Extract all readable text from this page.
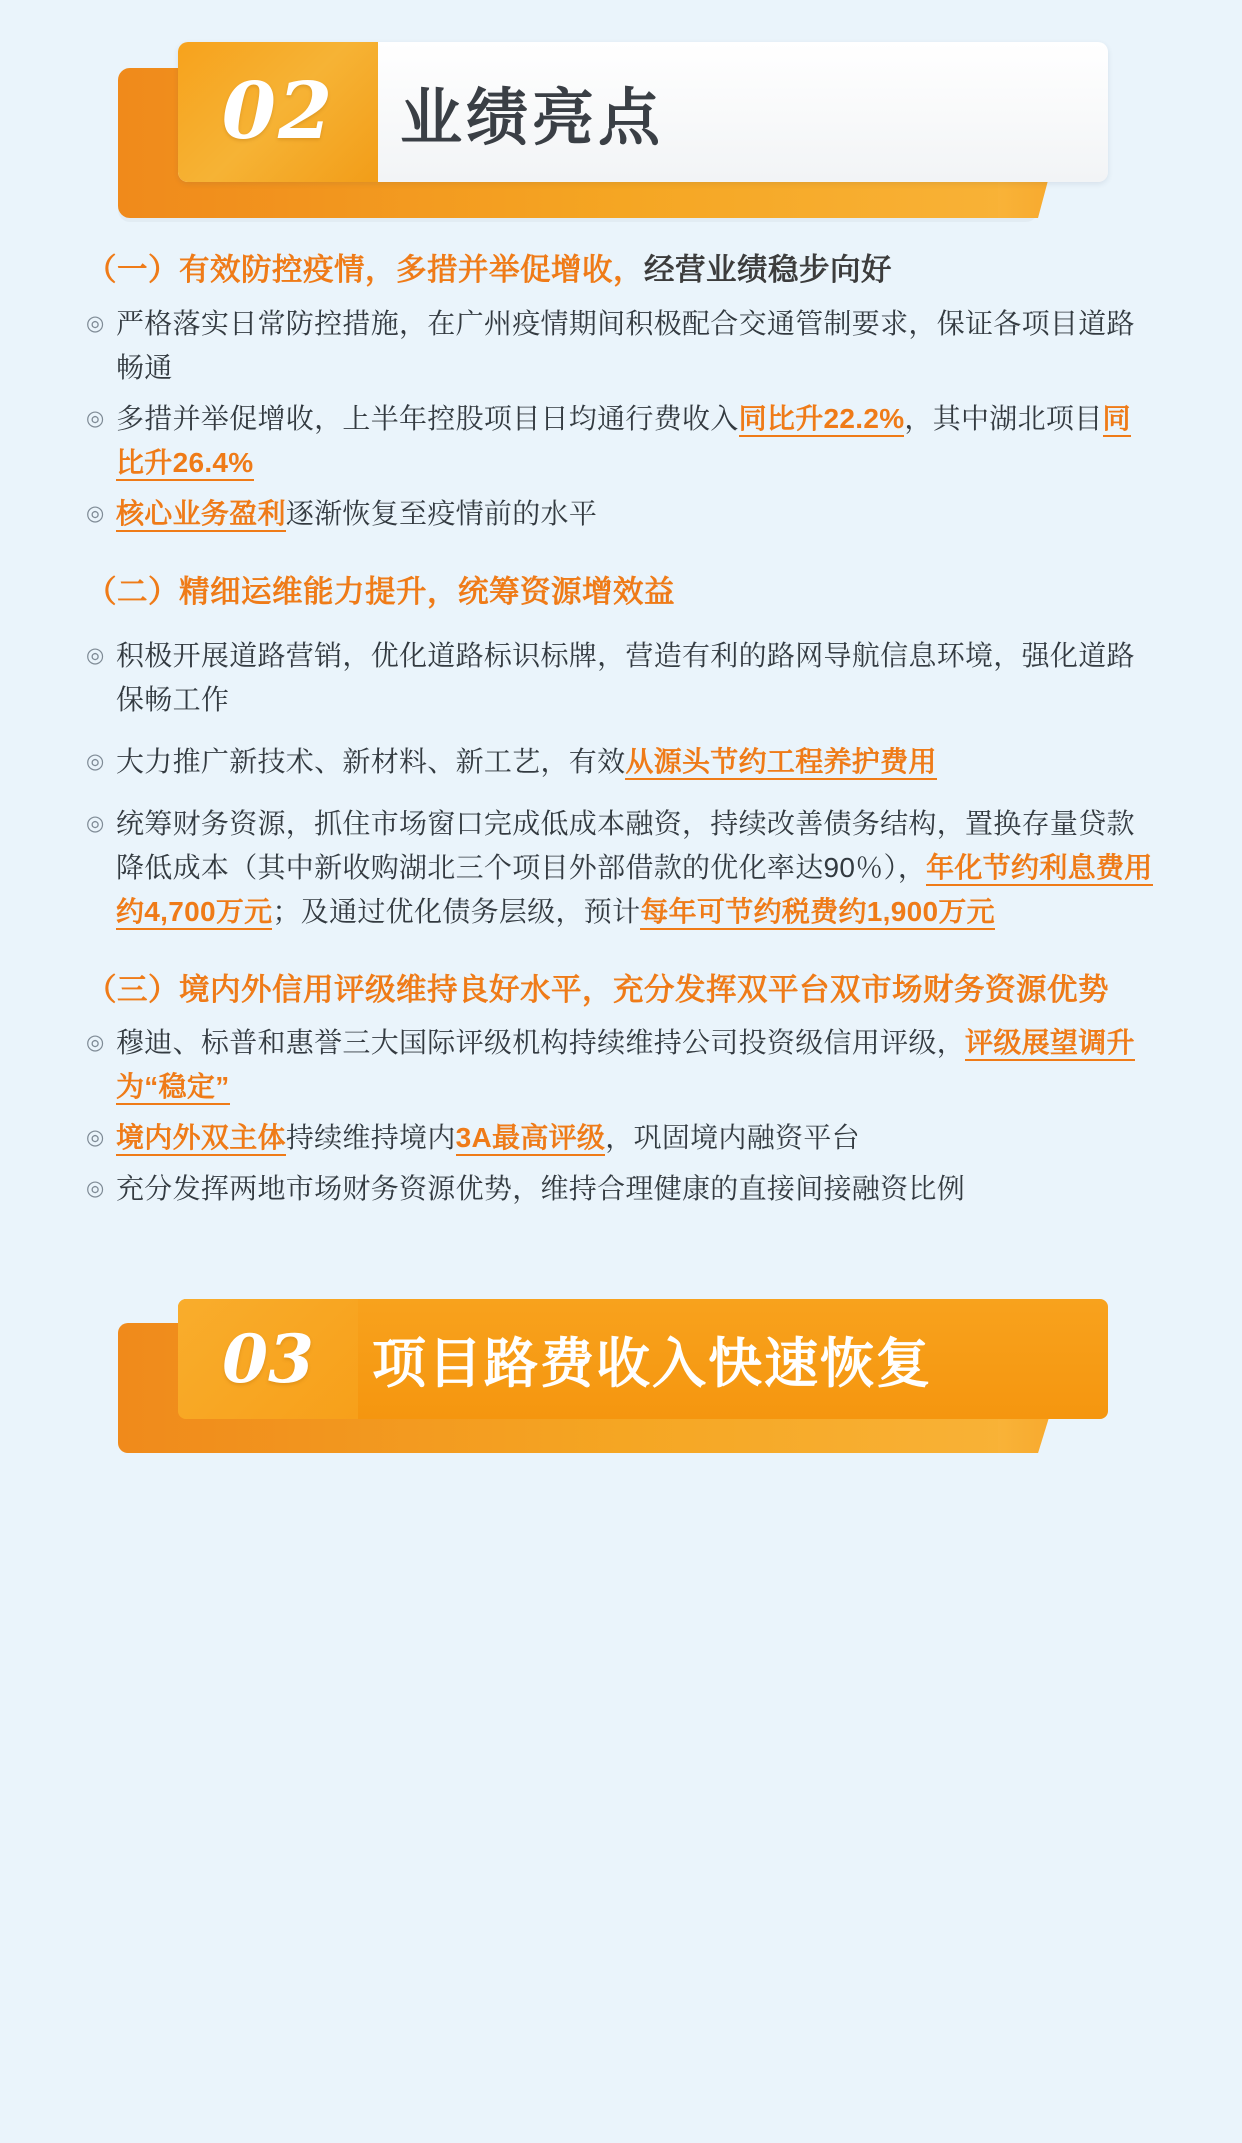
02 业绩亮点
（一）有效防控疫情，多措并举促增收，经营业绩稳步向好
◎ 严格落实日常防控措施，在广州疫情期间积极配合交通管制要求，保证各项目道路畅通
◎ 多措并举促增收，上半年控股项目日均通行费收入同比升22.2%，其中湖北项目同比升26.4%
◎ 核心业务盈利逐渐恢复至疫情前的水平
（二）精细运维能力提升，统筹资源增效益
◎ 积极开展道路营销，优化道路标识标牌，营造有利的路网导航信息环境，强化道路保畅工作
◎ 大力推广新技术、新材料、新工艺，有效从源头节约工程养护费用
◎ 统筹财务资源，抓住市场窗口完成低成本融资，持续改善债务结构，置换存量贷款降低成本（其中新收购湖北三个项目外部借款的优化率达90％），年化节约利息费用约4,700万元；及通过优化债务层级，预计每年可节约税费约1,900万元
（三）境内外信用评级维持良好水平，充分发挥双平台双市场财务资源优势
◎ 穆迪、标普和惠誉三大国际评级机构持续维持公司投资级信用评级，评级展望调升为“稳定”
◎ 境内外双主体持续维持境内3A最高评级，巩固境内融资平台
◎ 充分发挥两地市场财务资源优势，维持合理健康的直接间接融资比例
03 项目路费收入快速恢复
